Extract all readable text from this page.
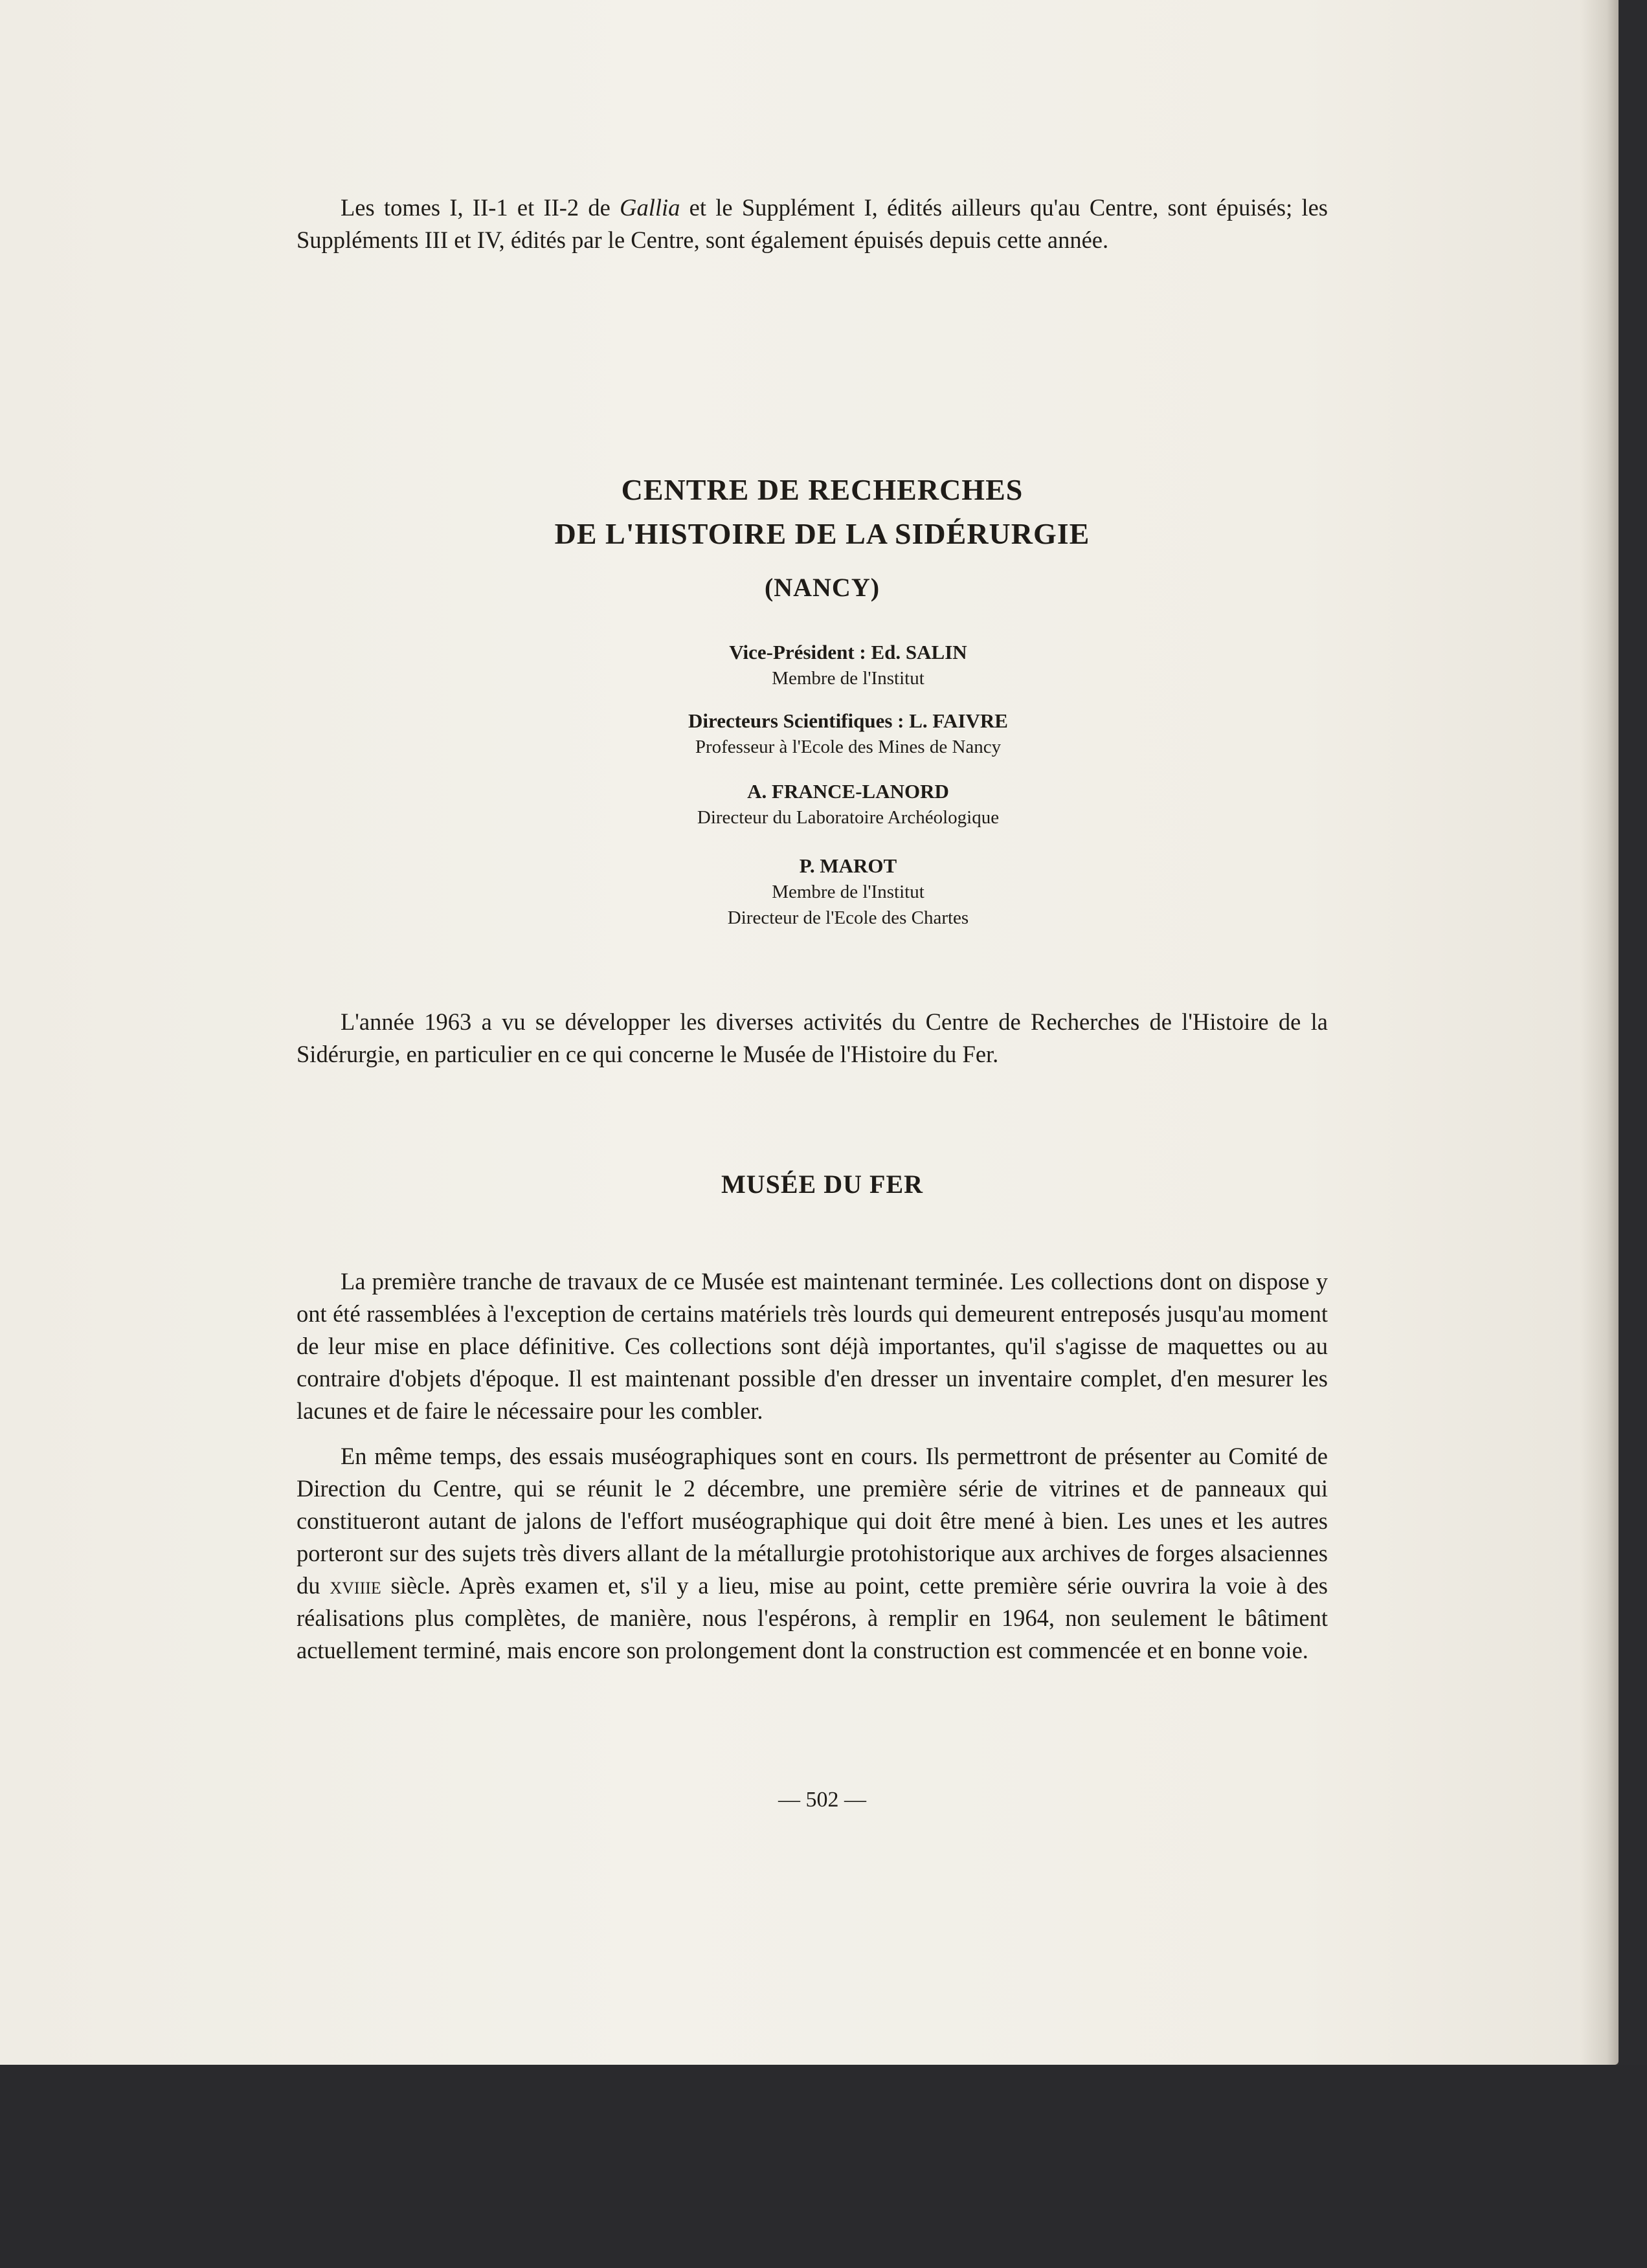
Les tomes I, II-1 et II-2 de Gallia et le Supplément I, édités ailleurs qu'au Centre, sont épuisés; les Suppléments III et IV, édités par le Centre, sont également épuisés depuis cette année.

CENTRE DE RECHERCHES
DE L'HISTOIRE DE LA SIDÉRURGIE
(NANCY)
Vice-Président : Ed. SALIN
Membre de l'Institut
Directeurs Scientifiques : L. FAIVRE
Professeur à l'Ecole des Mines de Nancy
A. FRANCE-LANORD
Directeur du Laboratoire Archéologique
P. MAROT
Membre de l'Institut
Directeur de l'Ecole des Chartes

L'année 1963 a vu se développer les diverses activités du Centre de Recherches de l'Histoire de la Sidérurgie, en particulier en ce qui concerne le Musée de l'Histoire du Fer.

MUSÉE DU FER

La première tranche de travaux de ce Musée est maintenant terminée. Les collections dont on dispose y ont été rassemblées à l'exception de certains matériels très lourds qui demeurent entreposés jusqu'au moment de leur mise en place définitive. Ces collections sont déjà importantes, qu'il s'agisse de maquettes ou au contraire d'objets d'époque. Il est maintenant possible d'en dresser un inventaire complet, d'en mesurer les lacunes et de faire le nécessaire pour les combler.

En même temps, des essais muséographiques sont en cours. Ils permettront de présenter au Comité de Direction du Centre, qui se réunit le 2 décembre, une première série de vitrines et de panneaux qui constitueront autant de jalons de l'effort muséographique qui doit être mené à bien. Les unes et les autres porteront sur des sujets très divers allant de la métallurgie protohistorique aux archives de forges alsaciennes du xviiie siècle. Après examen et, s'il y a lieu, mise au point, cette première série ouvrira la voie à des réalisations plus complètes, de manière, nous l'espérons, à remplir en 1964, non seulement le bâtiment actuellement terminé, mais encore son prolongement dont la construction est commencée et en bonne voie.

— 502 —
